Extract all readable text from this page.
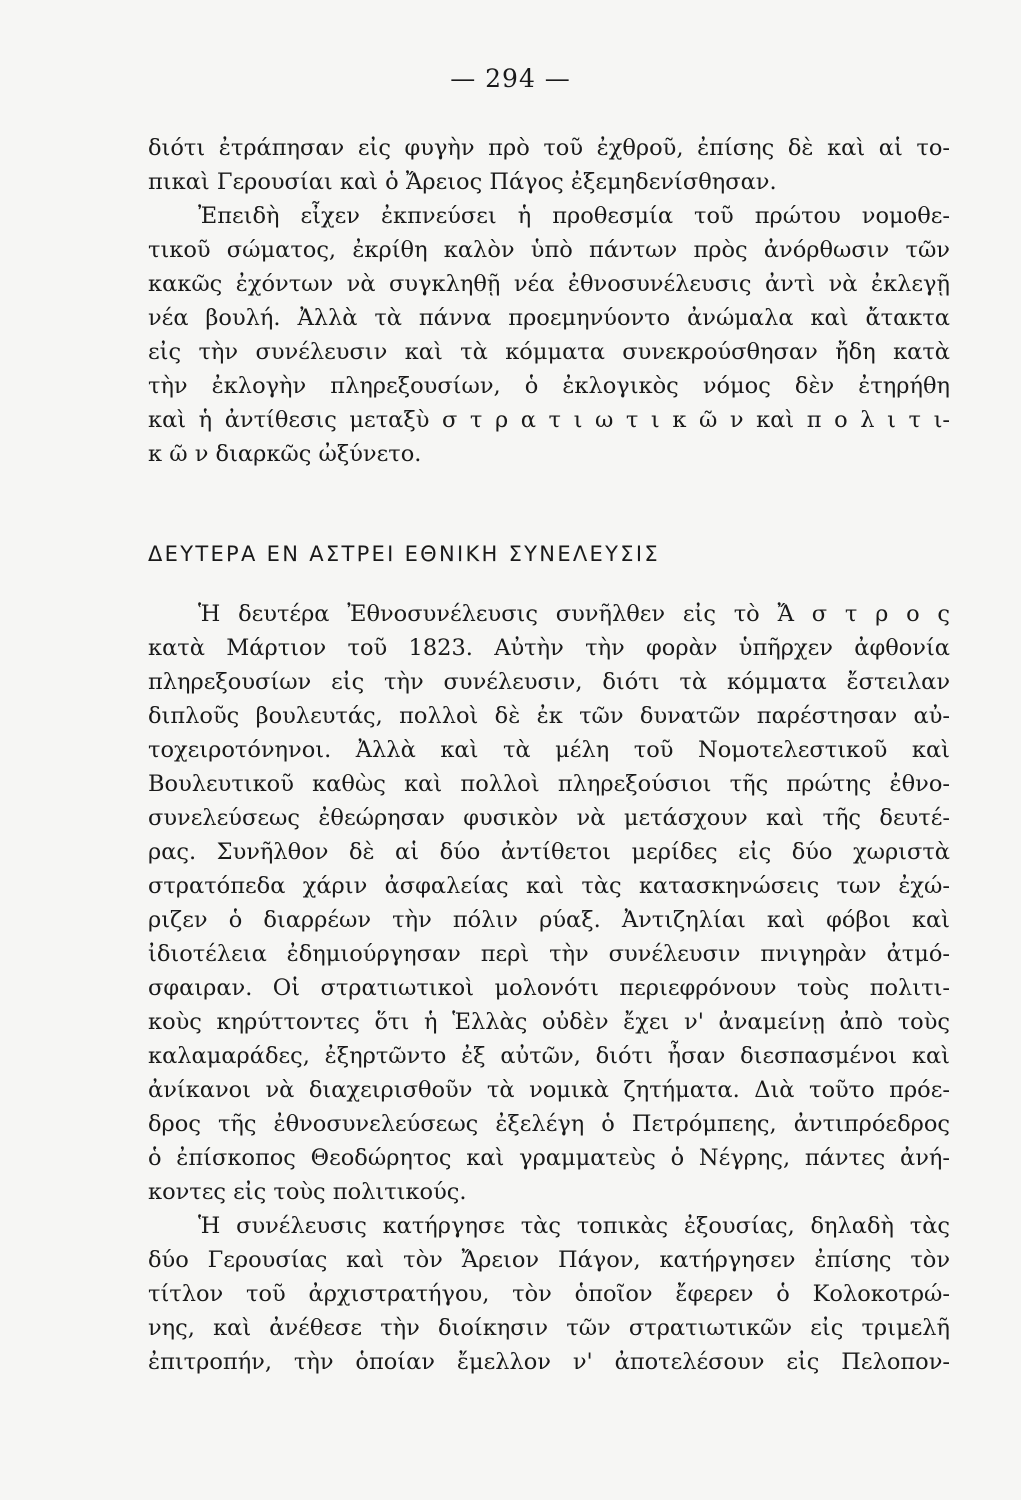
— 294 —
διότι ἐτράπησαν εἰς φυγὴν πρὸ τοῦ ἐχθροῦ, ἐπίσης δὲ καὶ αἱ το-
πικαὶ Γερουσίαι καὶ ὁ Ἄρειος Πάγος ἐξεμηδενίσθησαν.
Ἐπειδὴ εἶχεν ἐκπνεύσει ἡ προθεσμία τοῦ πρώτου νομοθε-
τικοῦ σώματος, ἐκρίθη καλὸν ὑπὸ πάντων πρὸς ἀνόρθωσιν τῶν
κακῶς ἐχόντων νὰ συγκληθῇ νέα ἐθνοσυνέλευσις ἀντὶ νὰ ἐκλεγῇ
νέα βουλή. Ἀλλὰ τὰ πάννα προεμηνύοντο ἀνώμαλα καὶ ἄτακτα
εἰς τὴν συνέλευσιν καὶ τὰ κόμματα συνεκρούσθησαν ἤδη κατὰ
τὴν ἐκλογὴν πληρεξουσίων, ὁ ἐκλογικὸς νόμος δὲν ἐτηρήθη
καὶ ἡ ἀντίθεσις μεταξὺ σ τ ρ α τ ι ω τ ι κ ῶ ν καὶ π ο λ ι τ ι-
κ ῶ ν διαρκῶς ὠξύνετο.
ΔΕΥΤΕΡΑ ΕΝ ΑΣΤΡΕΙ ΕΘΝΙΚΗ ΣΥΝΕΛΕΥΣΙΣ
Ἡ δευτέρα Ἐθνοσυνέλευσις συνῆλθεν εἰς τὸ Ἄ σ τ ρ ο ς
κατὰ Μάρτιον τοῦ 1823. Αὐτὴν τὴν φορὰν ὑπῆρχεν ἀφθονία
πληρεξουσίων εἰς τὴν συνέλευσιν, διότι τὰ κόμματα ἔστειλαν
διπλοῦς βουλευτάς, πολλοὶ δὲ ἐκ τῶν δυνατῶν παρέστησαν αὐ-
τοχειροτόνηνοι. Ἀλλὰ καὶ τὰ μέλη τοῦ Νομοτελεστικοῦ καὶ
Βουλευτικοῦ καθὼς καὶ πολλοὶ πληρεξούσιοι τῆς πρώτης ἐθνο-
συνελεύσεως ἐθεώρησαν φυσικὸν νὰ μετάσχουν καὶ τῆς δευτέ-
ρας. Συνῆλθον δὲ αἱ δύο ἀντίθετοι μερίδες εἰς δύο χωριστὰ
στρατόπεδα χάριν ἀσφαλείας καὶ τὰς κατασκηνώσεις των ἐχώ-
ριζεν ὁ διαρρέων τὴν πόλιν ρύαξ. Ἀντιζηλίαι καὶ φόβοι καὶ
ἰδιοτέλεια ἐδημιούργησαν περὶ τὴν συνέλευσιν πνιγηρὰν ἀτμό-
σφαιραν. Οἱ στρατιωτικοὶ μολονότι περιεφρόνουν τοὺς πολιτι-
κοὺς κηρύττοντες ὅτι ἡ Ἑλλὰς οὐδὲν ἔχει ν' ἀναμείνῃ ἀπὸ τοὺς
καλαμαράδες, ἐξηρτῶντο ἐξ αὐτῶν, διότι ἦσαν διεσπασμένοι καὶ
ἀνίκανοι νὰ διαχειρισθοῦν τὰ νομικὰ ζητήματα. Διὰ τοῦτο πρόε-
δρος τῆς ἐθνοσυνελεύσεως ἐξελέγη ὁ Πετρόμπεης, ἀντιπρόεδρος
ὁ ἐπίσκοπος Θεοδώρητος καὶ γραμματεὺς ὁ Νέγρης, πάντες ἀνή-
κοντες εἰς τοὺς πολιτικούς.
Ἡ συνέλευσις κατήργησε τὰς τοπικὰς ἐξουσίας, δηλαδὴ τὰς
δύο Γερουσίας καὶ τὸν Ἄρειον Πάγον, κατήργησεν ἐπίσης τὸν
τίτλον τοῦ ἀρχιστρατήγου, τὸν ὁποῖον ἔφερεν ὁ Κολοκοτρώ-
νης, καὶ ἀνέθεσε τὴν διοίκησιν τῶν στρατιωτικῶν εἰς τριμελῆ
ἐπιτροπήν, τὴν ὁποίαν ἔμελλον ν' ἀποτελέσουν εἰς Πελοπον-
